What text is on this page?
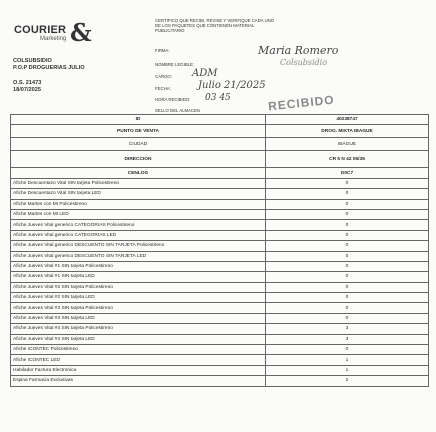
COURIER
Marketing &
COLSUBSIDIO
P.O.P DROGUERIAS JULIO
O.S. 21473
18/07/2025
CERTIFICO QUE RECIBI, REVISE Y VERIFIQUE CADA UNO DE LOS PAQUETES QUE CONTIENEN MATERIAL PUBLICITARIO
FIRMA:
NOMBRE LEGIBLE:
CARGO:
FECHA:
HORA RECIBIDO:
SELLO DEL ALMACEN
Maria Romero
Colsubsidio
ADM
Julio 21/2025
03 45	RECIBIDO
ID	40238747
PUNTO DE VENTA	DROG. MIXTA IBAGUE
CIUDAD	IBAGUE
DIRECCION	CR 5 N 42 05/36
CENLOG	D0C7
Afiche Descuentazo Vital SIN tarjeta Policestireno	0
Afiche Descuentazo Vital SIN tarjeta LED	0
Afiche Martes con MI Policestireno	0
Afiche Martes con MI LED	0
Afiche Jueves Vital generico CATEGORIAS Policestireno	0
Afiche Jueves Vital generico CATEGORIAS LED	0
Afiche Jueves Vital generico DESCUENTO SIN TARJETA Policestireno	0
Afiche Jueves Vital generico DESCUENTO SIN TARJETA LED	0
Afiche Jueves Vital #1 SIN tarjeta Policestireno	0
Afiche Jueves Vital #1 SIN tarjeta LED	0
Afiche Jueves Vital #2 SIN tarjeta Policestireno	0
Afiche Jueves Vital #2 SIN tarjeta LED	0
Afiche Jueves Vital #3 SIN tarjeta Policestireno	0
Afiche Jueves Vital #3 SIN tarjeta LED	0
Afiche Jueves Vital #4 SIN tarjeta Policestireno	3
Afiche Jueves Vital #4 SIN tarjeta LED	3
Afiche ICONTEC Policestireno	0
Afiche ICONTEC LED	1
Habilador Factura Electronica	1
Espina Farmacia Exclusivas	2
